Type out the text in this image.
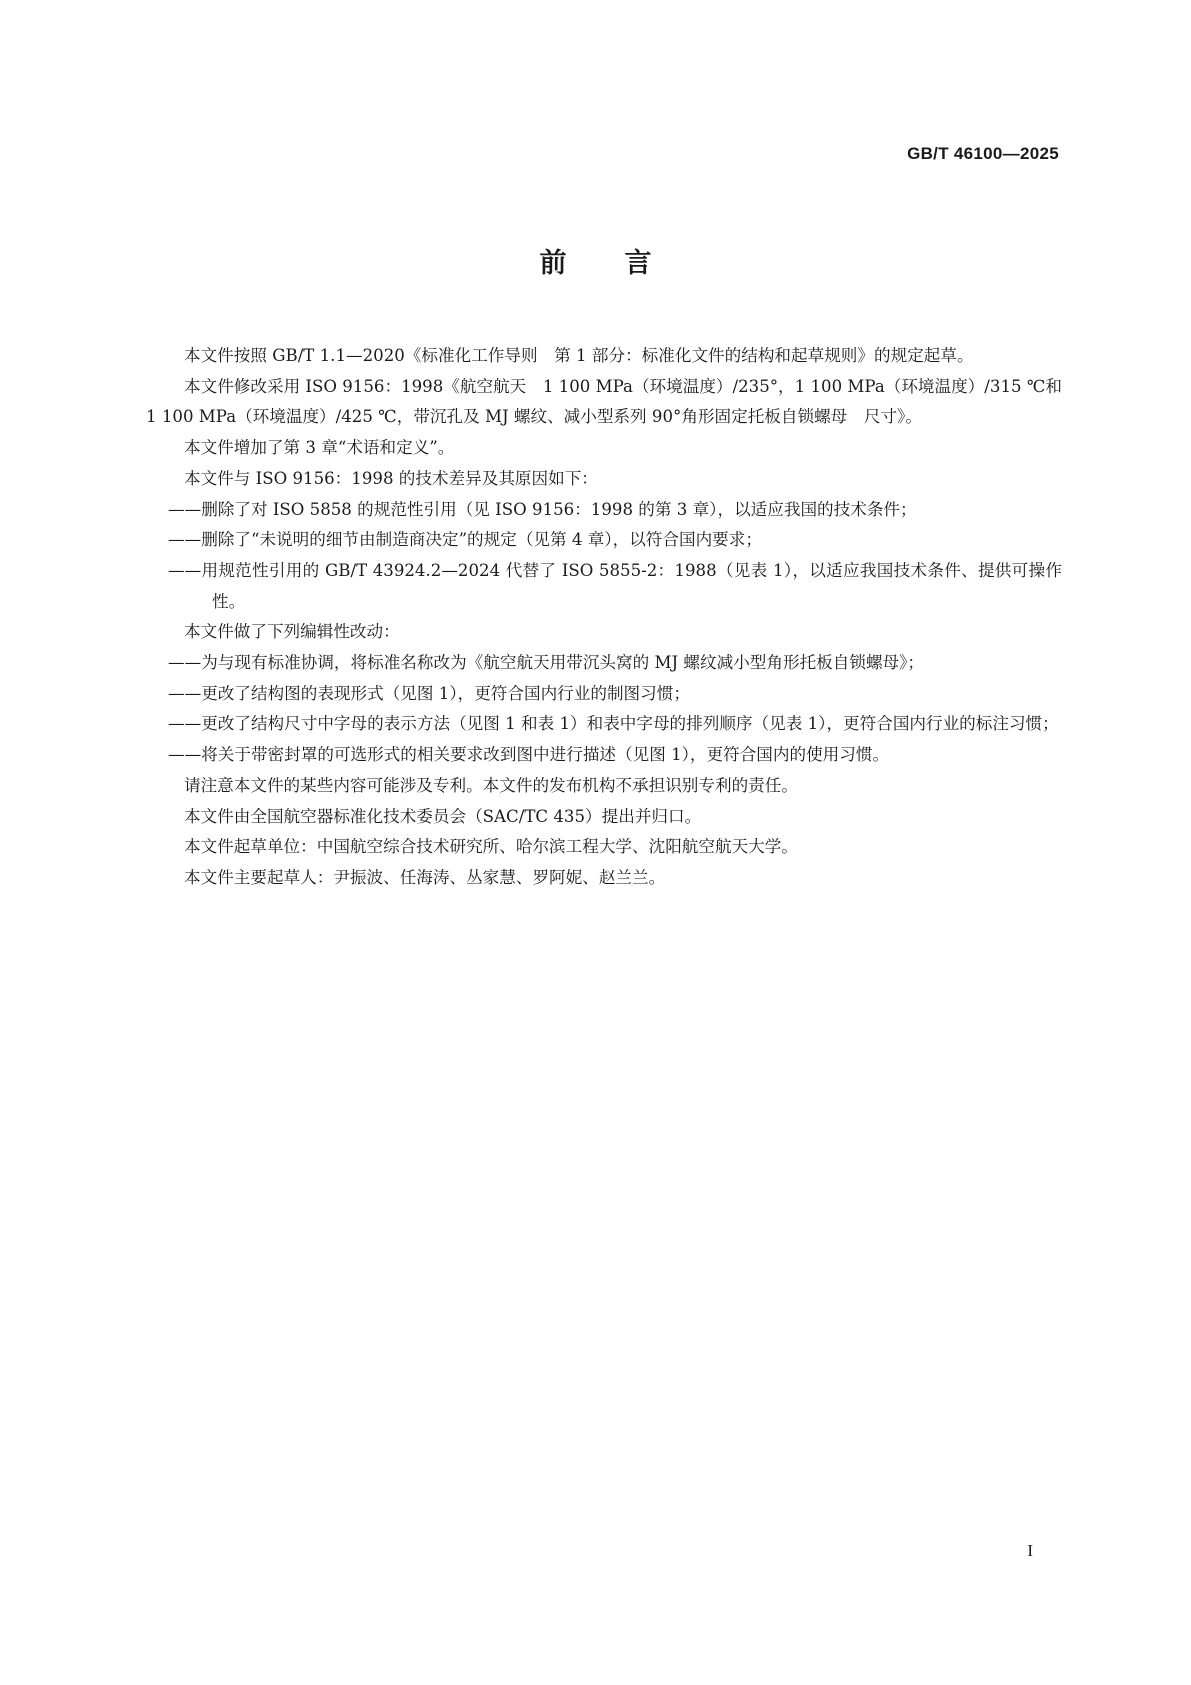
GB/T 46100—2025
前言

本文件按照 GB/T 1.1—2020《标准化工作导则　第 1 部分：标准化文件的结构和起草规则》的规定起草。

本文件修改采用 ISO 9156：1998《航空航天　1 100 MPa（环境温度）/235°，1 100 MPa（环境温度）/315 ℃和 1 100 MPa（环境温度）/425 ℃，带沉孔及 MJ 螺纹、减小型系列 90°角形固定托板自锁螺母　尺寸》。

本文件增加了第 3 章“术语和定义”。

本文件与 ISO 9156：1998 的技术差异及其原因如下：

——删除了对 ISO 5858 的规范性引用（见 ISO 9156：1998 的第 3 章），以适应我国的技术条件；

——删除了“未说明的细节由制造商决定”的规定（见第 4 章），以符合国内要求；

——用规范性引用的 GB/T 43924.2—2024 代替了 ISO 5855-2：1988（见表 1），以适应我国技术条件、提供可操作性。

本文件做了下列编辑性改动：

——为与现有标准协调，将标准名称改为《航空航天用带沉头窝的 MJ 螺纹减小型角形托板自锁螺母》；

——更改了结构图的表现形式（见图 1），更符合国内行业的制图习惯；

——更改了结构尺寸中字母的表示方法（见图 1 和表 1）和表中字母的排列顺序（见表 1），更符合国内行业的标注习惯；

——将关于带密封罩的可选形式的相关要求改到图中进行描述（见图 1），更符合国内的使用习惯。

请注意本文件的某些内容可能涉及专利。本文件的发布机构不承担识别专利的责任。

本文件由全国航空器标准化技术委员会（SAC/TC 435）提出并归口。

本文件起草单位：中国航空综合技术研究所、哈尔滨工程大学、沈阳航空航天大学。

本文件主要起草人：尹振波、任海涛、丛家慧、罗阿妮、赵兰兰。

I
